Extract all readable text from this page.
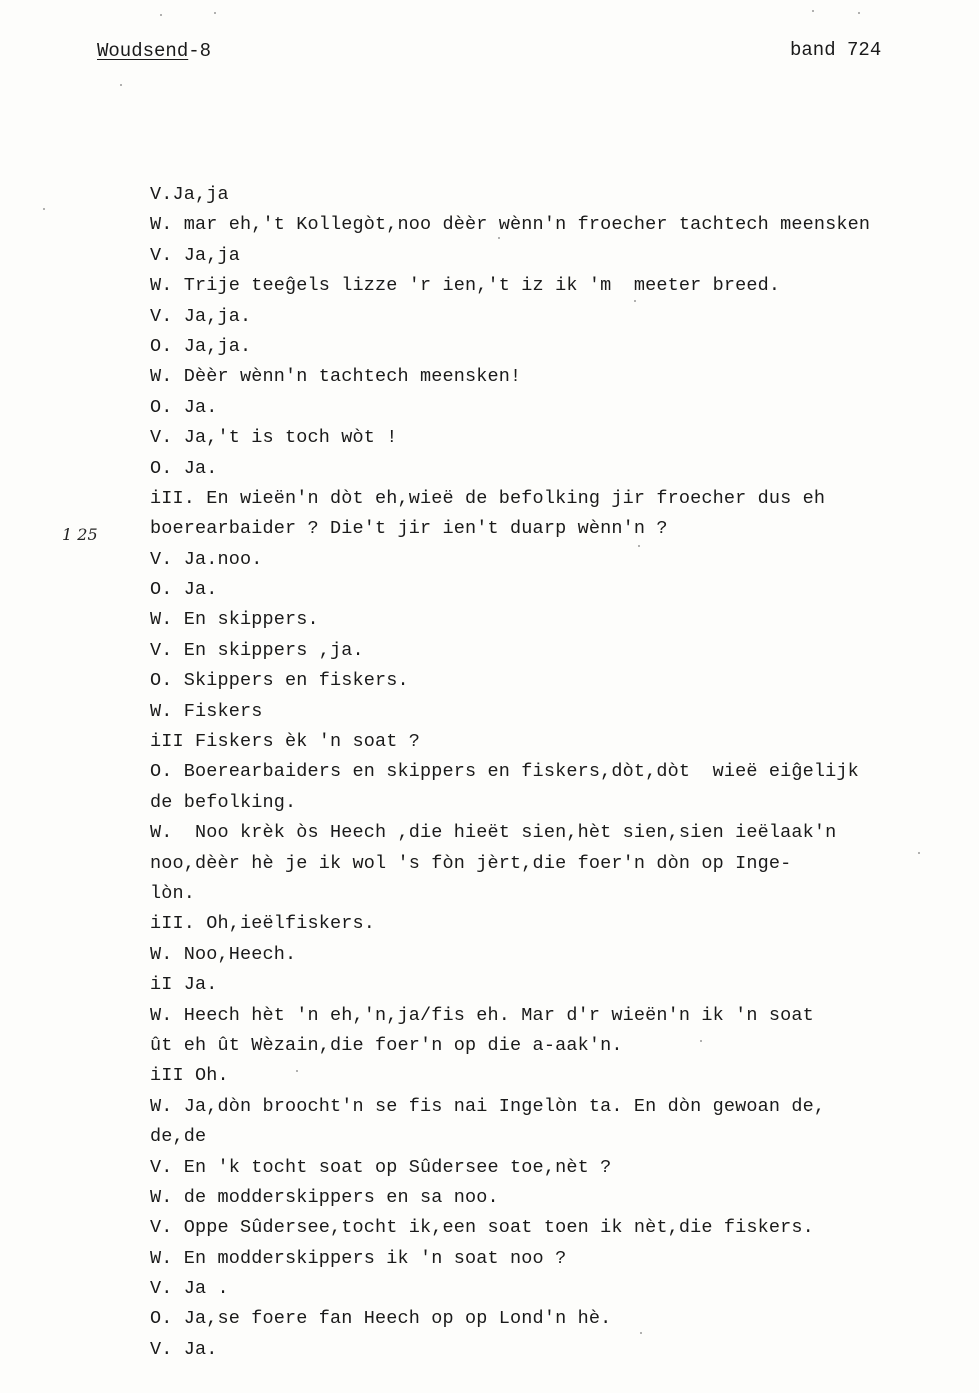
Woudsend-8	band 724
1 25
V.Ja,ja
W. mar eh,'t Kollegòt,noo dèèr wènn'n froecher tachtech meensken
V. Ja,ja
W. Trije teeĝels lizze 'r ien,'t iz ik 'm  meeter breed.
V. Ja,ja.
O. Ja,ja.
W. Dèèr wènn'n tachtech meensken!
O. Ja.
V. Ja,'t is toch wòt !
O. Ja.
iII. En wieën'n dòt eh,wieë de befolking jir froecher dus eh
boerearbaider ? Die't jir ien't duarp wènn'n ?
V. Ja.noo.
O. Ja.
W. En skippers.
V. En skippers ,ja.
O. Skippers en fiskers.
W. Fiskers
iII Fiskers èk 'n soat ?
O. Boerearbaiders en skippers en fiskers,dòt,dòt  wieë eiĝelijk
de befolking.
W.  Noo krèk òs Heech ,die hieët sien,hèt sien,sien ieëlaak'n
noo,dèèr hè je ik wol 's fòn jèrt,die foer'n dòn op Inge-
lòn.
iII. Oh,ieëlfiskers.
W. Noo,Heech.
iI Ja.
W. Heech hèt 'n eh,'n,ja/fis eh. Mar d'r wieën'n ik 'n soat
ût eh ût Wèzain,die foer'n op die a-aak'n.
iII Oh.
W. Ja,dòn broocht'n se fis nai Ingelòn ta. En dòn gewoan de,
de,de
V. En 'k tocht soat op Sûdersee toe,nèt ?
W. de modderskippers en sa noo.
V. Oppe Sûdersee,tocht ik,een soat toen ik nèt,die fiskers.
W. En modderskippers ik 'n soat noo ?
V. Ja .
O. Ja,se foere fan Heech op op Lond'n hè.
V. Ja.
